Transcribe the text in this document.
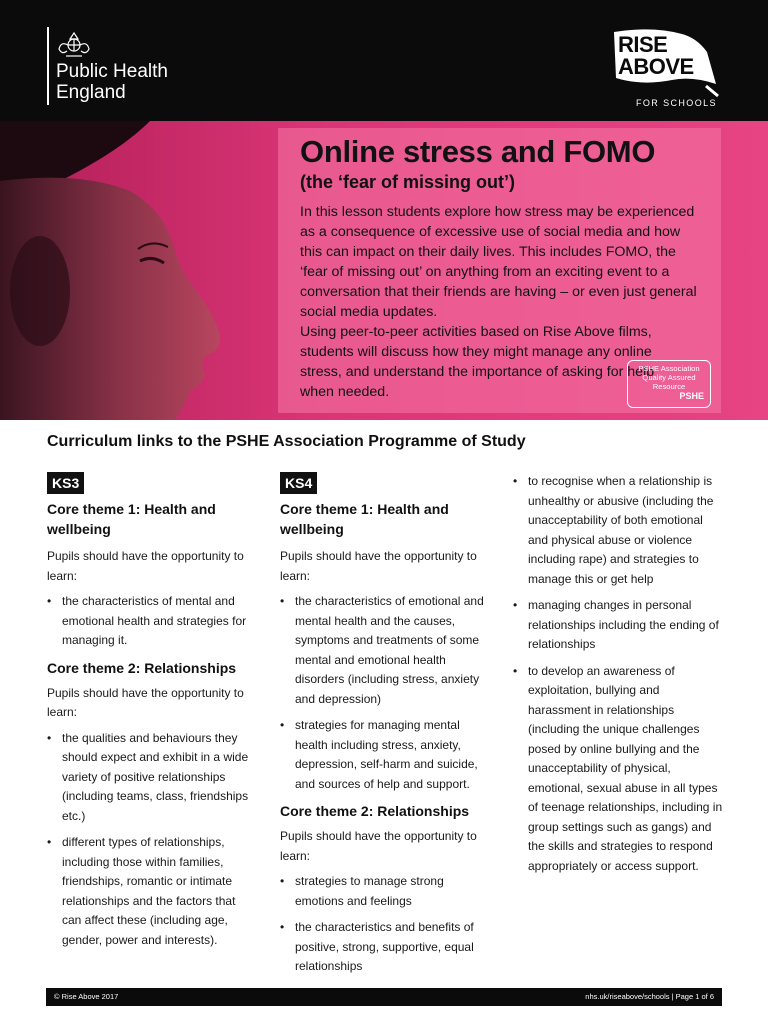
Public Health
England
RISE
ABOVE
FOR SCHOOLS
Online stress and FOMO
(the ‘fear of missing out’)

In this lesson students explore how stress may be experienced as a consequence of excessive use of social media and how this can impact on their daily lives. This includes FOMO, the ‘fear of missing out’ on anything from an exciting event to a conversation that their friends are having – or even just general social media updates.

Using peer-to-peer activities based on Rise Above films, students will discuss how they might manage any online stress, and understand the importance of asking for help when needed.

PSHE Association
Quality Assured
Resource
PSHE
Curriculum links to the PSHE Association Programme of Study
KS3
Core theme 1: Health and wellbeing
Pupils should have the opportunity to learn:
• the characteristics of mental and emotional health and strategies for managing it.
Core theme 2: Relationships
Pupils should have the opportunity to learn:
• the qualities and behaviours they should expect and exhibit in a wide variety of positive relationships (including teams, class, friendships etc.)
• different types of relationships, including those within families, friendships, romantic or intimate relationships and the factors that can affect these (including age, gender, power and interests).
KS4
Core theme 1: Health and wellbeing
Pupils should have the opportunity to learn:
• the characteristics of emotional and mental health and the causes, symptoms and treatments of some mental and emotional health disorders (including stress, anxiety and depression)
• strategies for managing mental health including stress, anxiety, depression, self-harm and suicide, and sources of help and support.
Core theme 2: Relationships
Pupils should have the opportunity to learn:
• strategies to manage strong emotions and feelings
• the characteristics and benefits of positive, strong, supportive, equal relationships
• to recognise when a relationship is unhealthy or abusive (including the unacceptability of both emotional and physical abuse or violence including rape) and strategies to manage this or get help
• managing changes in personal relationships including the ending of relationships
• to develop an awareness of exploitation, bullying and harassment in relationships (including the unique challenges posed by online bullying and the unacceptability of physical, emotional, sexual abuse in all types of teenage relationships, including in group settings such as gangs) and the skills and strategies to respond appropriately or access support.
© Rise Above 2017	nhs.uk/riseabove/schools | Page 1 of 6
